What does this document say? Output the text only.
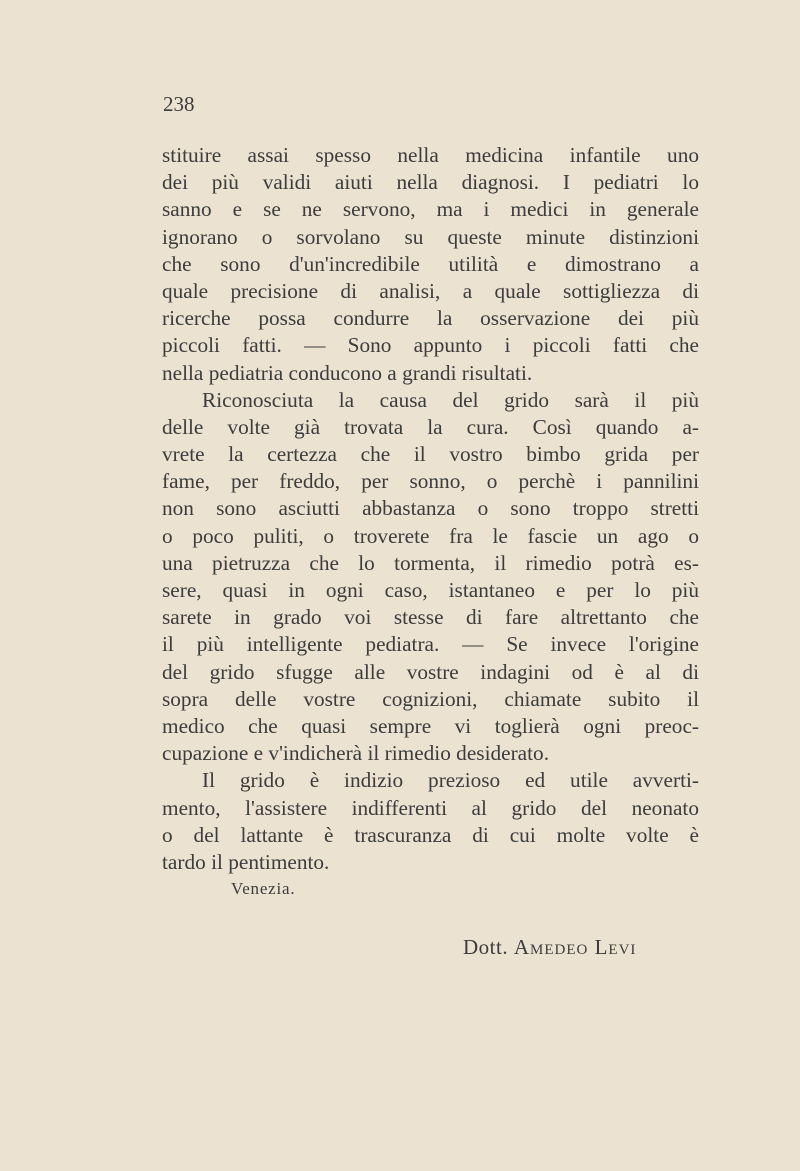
238
stituire assai spesso nella medicina infantile uno
dei più validi aiuti nella diagnosi. I pediatri lo
sanno e se ne servono, ma i medici in generale
ignorano o sorvolano su queste minute distinzioni
che sono d'un'incredibile utilità e dimostrano a
quale precisione di analisi, a quale sottigliezza di
ricerche possa condurre la osservazione dei più
piccoli fatti. — Sono appunto i piccoli fatti che
nella pediatria conducono a grandi risultati.
Riconosciuta la causa del grido sarà il più
delle volte già trovata la cura. Così quando a-
vrete la certezza che il vostro bimbo grida per
fame, per freddo, per sonno, o perchè i pannilini
non sono asciutti abbastanza o sono troppo stretti
o poco puliti, o troverete fra le fascie un ago o
una pietruzza che lo tormenta, il rimedio potrà es-
sere, quasi in ogni caso, istantaneo e per lo più
sarete in grado voi stesse di fare altrettanto che
il più intelligente pediatra. — Se invece l'origine
del grido sfugge alle vostre indagini od è al di
sopra delle vostre cognizioni, chiamate subito il
medico che quasi sempre vi toglierà ogni preoc-
cupazione e v'indicherà il rimedio desiderato.
Il grido è indizio prezioso ed utile avverti-
mento, l'assistere indifferenti al grido del neonato
o del lattante è trascuranza di cui molte volte è
tardo il pentimento.
Venezia.
Dott. Amedeo Levi
